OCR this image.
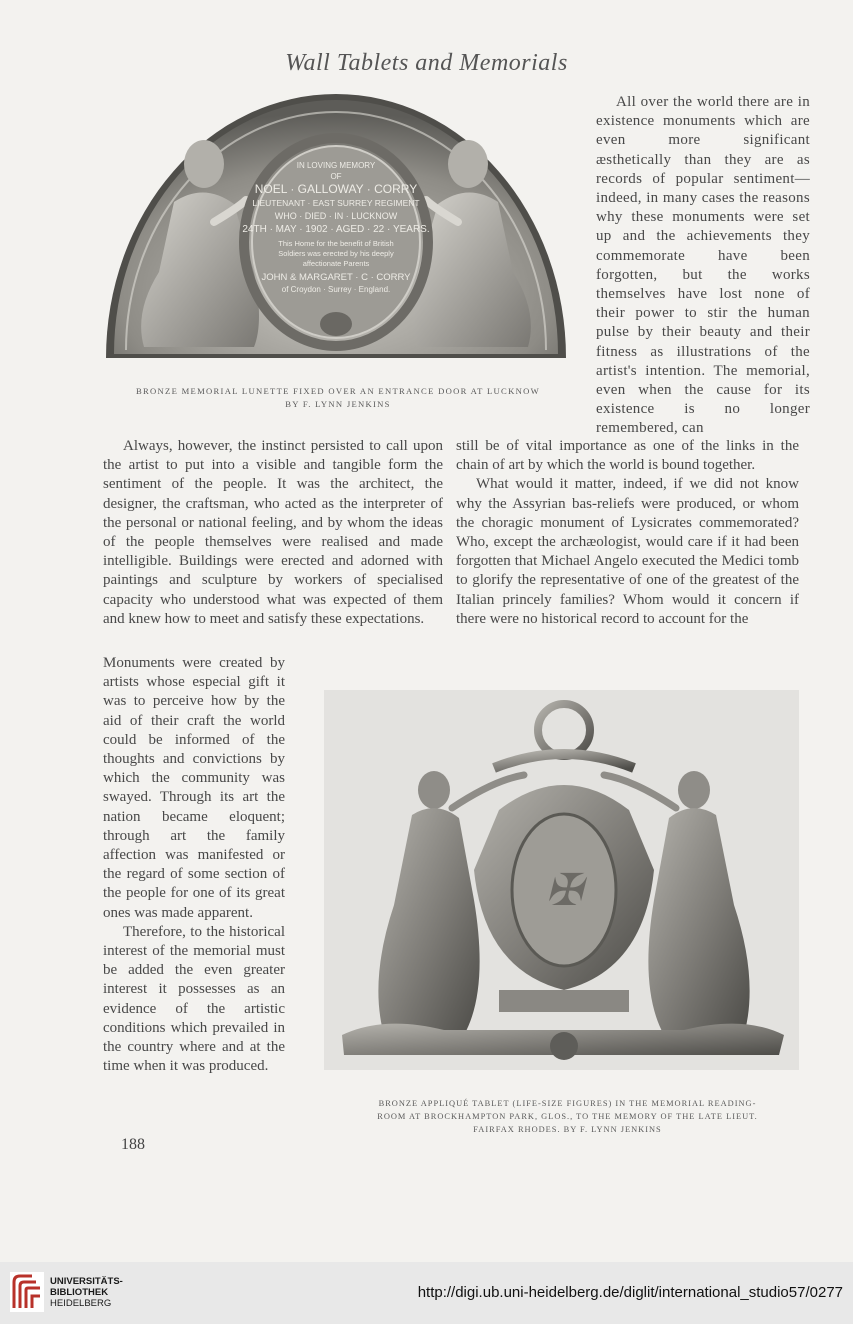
Wall Tablets and Memorials
IN LOVING MEMORY
OF
NOEL · GALLOWAY · CORRY
LIEUTENANT · EAST SURREY REGIMENT
WHO · DIED · IN · LUCKNOW
24TH · MAY · 1902 · AGED · 22 · YEARS.
This Home for the benefit of British
Soldiers was erected by his deeply
affectionate Parents
JOHN & MARGARET · C · CORRY
of Croydon · Surrey · England.
BRONZE MEMORIAL LUNETTE FIXED OVER AN ENTRANCE DOOR AT LUCKNOW
BY F. LYNN JENKINS

All over the world there are in existence monuments which are even more significant æsthetically than they are as records of popular sentiment—indeed, in many cases the reasons why these monuments were set up and the achievements they commemorate have been forgotten, but the works themselves have lost none of their power to stir the human pulse by their beauty and their fitness as illustrations of the artist's intention. The memorial, even when the cause for its existence is no longer remembered, can

Always, however, the instinct persisted to call upon the artist to put into a visible and tangible form the sentiment of the people. It was the architect, the designer, the craftsman, who acted as the interpreter of the personal or national feeling, and by whom the ideas of the people themselves were realised and made intelligible. Buildings were erected and adorned with paintings and sculpture by workers of specialised capacity who understood what was expected of them and knew how to meet and satisfy these expectations.

Monuments were created by artists whose especial gift it was to perceive how by the aid of their craft the world could be informed of the thoughts and convictions by which the community was swayed. Through its art the nation became eloquent; through art the family affection was manifested or the regard of some section of the people for one of its great ones was made apparent.

Therefore, to the historical interest of the memorial must be added the even greater interest it possesses as an evidence of the artistic conditions which prevailed in the country where and at the time when it was produced.

still be of vital importance as one of the links in the chain of art by which the world is bound together.

What would it matter, indeed, if we did not know why the Assyrian bas-reliefs were produced, or whom the choragic monument of Lysicrates commemorated? Who, except the archæologist, would care if it had been forgotten that Michael Angelo executed the Medici tomb to glorify the representative of one of the greatest of the Italian princely families? Whom would it concern if there were no historical record to account for the

✠
BRONZE APPLIQUÉ TABLET (LIFE-SIZE FIGURES) IN THE MEMORIAL READING-
ROOM AT BROCKHAMPTON PARK, GLOS., TO THE MEMORY OF THE LATE LIEUT.
FAIRFAX RHODES. BY F. LYNN JENKINS
188
UNIVERSITÄTS-
BIBLIOTHEK
HEIDELBERG
http://digi.ub.uni-heidelberg.de/diglit/international_studio57/0277
